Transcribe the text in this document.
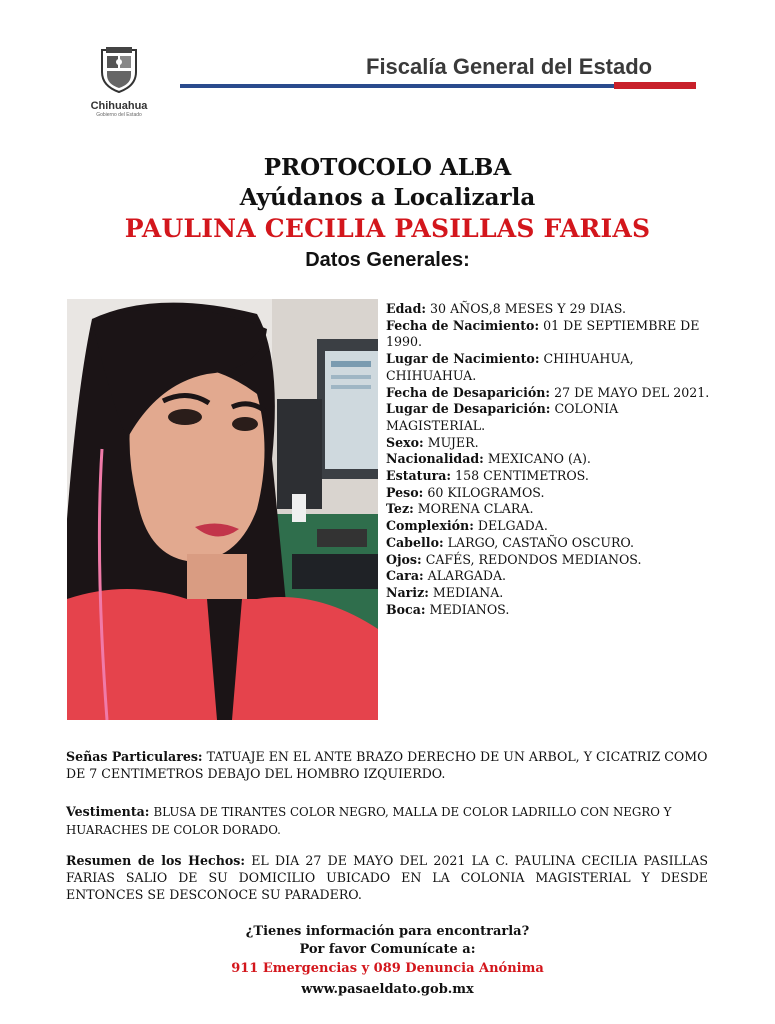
Chihuahua
Gobierno del Estado
Fiscalía General del Estado
PROTOCOLO ALBA
Ayúdanos a Localizarla
PAULINA CECILIA PASILLAS FARIAS
Datos Generales:
Edad: 30 AÑOS,8 MESES Y 29 DIAS.
Fecha de Nacimiento: 01 DE SEPTIEMBRE DE 1990.
Lugar de Nacimiento: CHIHUAHUA, CHIHUAHUA.
Fecha de Desaparición: 27 DE MAYO DEL 2021.
Lugar de Desaparición: COLONIA MAGISTERIAL.
Sexo: MUJER.
Nacionalidad: MEXICANO (A).
Estatura: 158 CENTIMETROS.
Peso: 60 KILOGRAMOS.
Tez: MORENA CLARA.
Complexión: DELGADA.
Cabello: LARGO, CASTAÑO OSCURO.
Ojos: CAFÉS, REDONDOS MEDIANOS.
Cara: ALARGADA.
Nariz: MEDIANA.
Boca: MEDIANOS.
Señas Particulares: TATUAJE EN EL ANTE BRAZO DERECHO DE UN ARBOL, Y CICATRIZ COMO DE 7 CENTIMETROS DEBAJO DEL HOMBRO IZQUIERDO.
Vestimenta: BLUSA DE TIRANTES COLOR NEGRO, MALLA DE COLOR LADRILLO CON NEGRO Y HUARACHES DE COLOR DORADO.
Resumen de los Hechos: EL DIA 27 DE MAYO DEL 2021 LA C. PAULINA CECILIA PASILLAS FARIAS SALIO DE SU DOMICILIO UBICADO EN LA COLONIA MAGISTERIAL Y DESDE ENTONCES SE DESCONOCE SU PARADERO.
¿Tienes información para encontrarla?
Por favor Comunícate a:
911 Emergencias y 089 Denuncia Anónima
www.pasaeldato.gob.mx
